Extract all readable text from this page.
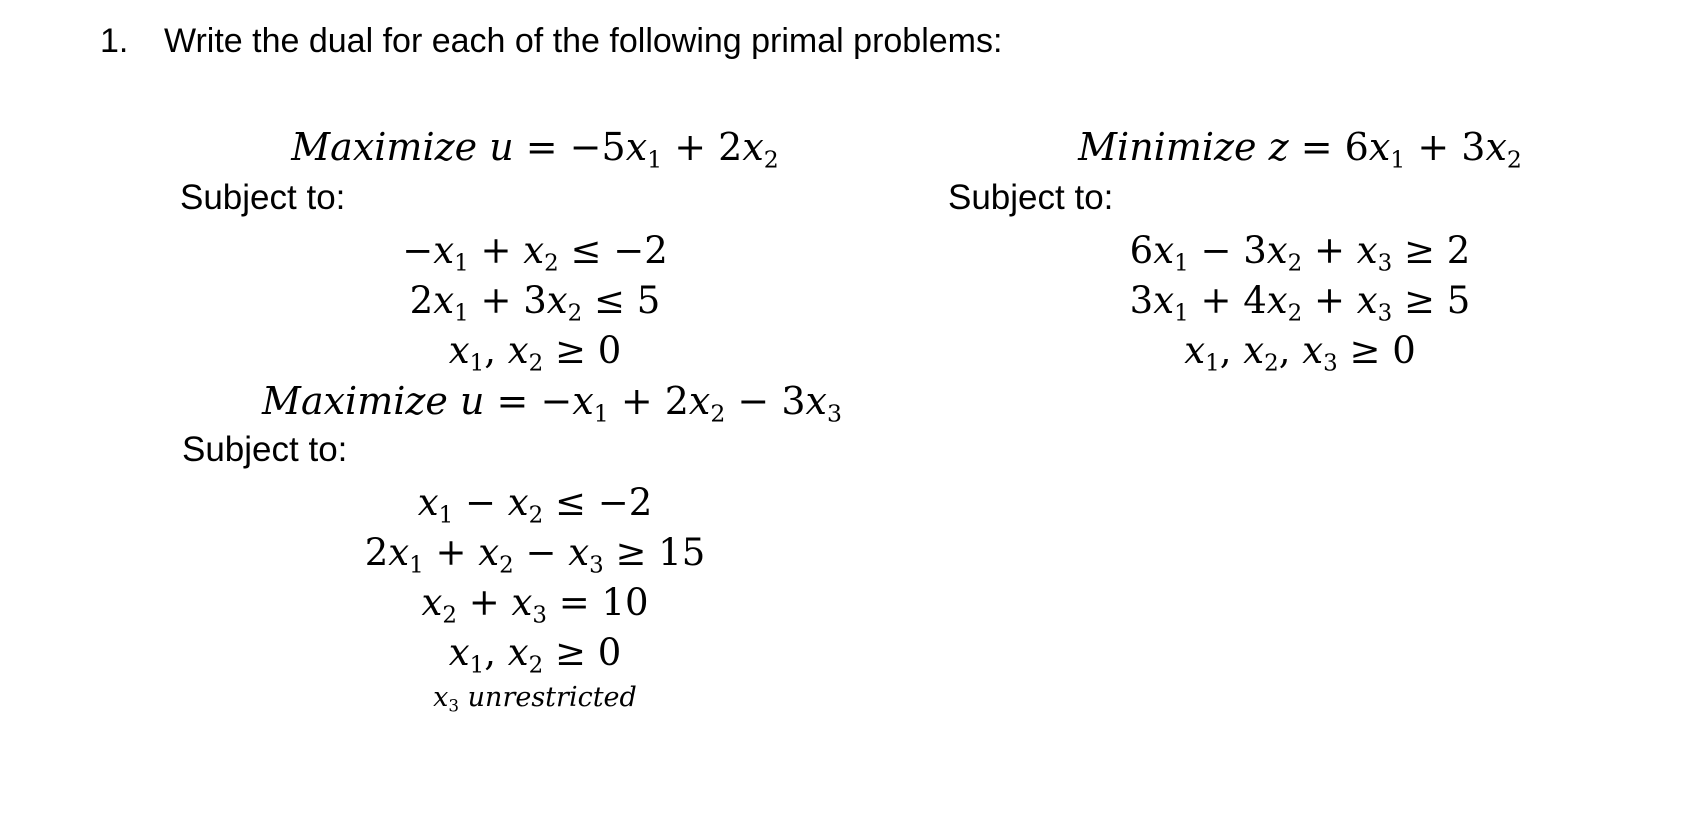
1. Write the dual for each of the following primal problems:
Maximize $u = -5x_1 + 2x_2$
Subject to:
$-x_1 + x_2 \le -2$
$2x_1 + 3x_2 \le 5$
$x_1$, $x_2 \ge 0$
Minimize $z = 6x_1 + 3x_2$
Subject to:
$6x_1 - 3x_2 + x_3 \ge 2$
$3x_1 + 4x_2 + x_3 \ge 5$
$x_1$, $x_2$, $x_3 \ge 0$
Maximize $u = -x_1 + 2x_2 - 3x_3$
Subject to:
$x_1 - x_2 \le -2$
$2x_1 + x_2 - x_3 \ge 15$
$x_2 + x_3 = 10$
$x_1$, $x_2 \ge 0$
$x_3$ unrestricted
